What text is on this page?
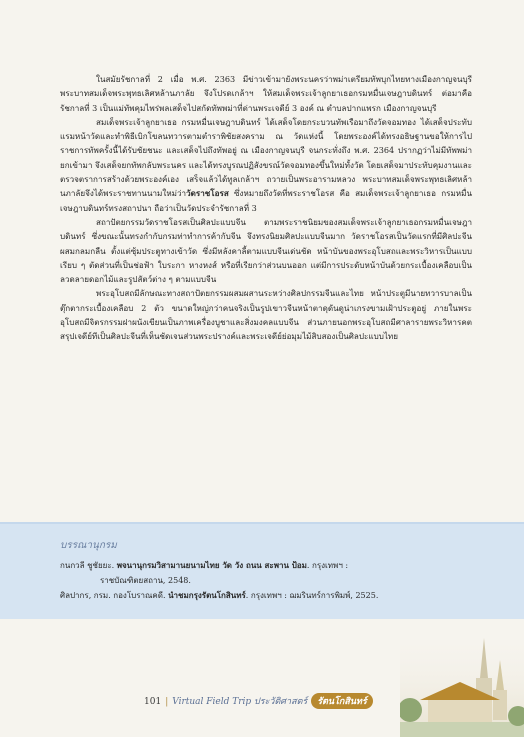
ในสมัยรัชกาลที่ 2 เมื่อ พ.ศ. 2363 มีข่าวเข้ามายังพระนครว่าพม่าเตรียมทัพบุกไทยทางเมืองกาญจนบุรี พระบาทสมเด็จพระพุทธเลิศหล้านภาลัย จึงโปรดเกล้าฯ ให้สมเด็จพระเจ้าลูกยาเธอกรมหมื่นเจษฎาบดินทร์ ต่อมาคือรัชกาลที่ 3 เป็นแม่ทัพคุมไพร่พลเสด็จไปสกัดทัพพม่าที่ด่านพระเจดีย์ 3 องค์ ณ ตำบลปากแพรก เมืองกาญจนบุรี

สมเด็จพระเจ้าลูกยาเธอ กรมหมื่นเจษฎาบดินทร์ ได้เสด็จโดยกระบวนทัพเรือมาถึงวัดจอมทอง ได้เสด็จประทับแรมหน้าวัดและทำพิธีเบิกโขลนทวารตามตำราพิชัยสงคราม ณ วัดแห่งนี้ โดยพระองค์ได้ทรงอธิษฐานขอให้การไปราชการทัพครั้งนี้ได้รับชัยชนะ และเสด็จไปถึงทัพอยู่ ณ เมืองกาญจนบุรี จนกระทั่งถึง พ.ศ. 2364 ปรากฏว่าไม่มีทัพพม่ายกเข้ามา จึงเสด็จยกทัพกลับพระนคร และได้ทรงบูรณปฏิสังขรณ์วัดจอมทองขึ้นใหม่ทั้งวัด โดยเสด็จมาประทับคุมงานและตรวจตราการสร้างด้วยพระองค์เอง เสร็จแล้วได้ทูลเกล้าฯ ถวายเป็นพระอารามหลวง พระบาทสมเด็จพระพุทธเลิศหล้านภาลัยจึงได้พระราชทานนามใหม่ว่าวัดราชโอรส ซึ่งหมายถึงวัดที่พระราชโอรส คือ สมเด็จพระเจ้าลูกยาเธอ กรมหมื่นเจษฎาบดินทร์ทรงสถาปนา ถือว่าเป็นวัดประจำรัชกาลที่ 3

สถาปัตยกรรมวัดราชโอรสเป็นศิลปะแบบจีน ตามพระราชนิยมของสมเด็จพระเจ้าลูกยาเธอกรมหมื่นเจษฎาบดินทร์ ซึ่งขณะนั้นทรงกำกับกรมท่าทำการค้ากับจีน จึงทรงนิยมศิลปะแบบจีนมาก วัดราชโอรสเป็นวัดแรกที่มีศิลปะจีนผสมกลมกลืน ตั้งแต่ซุ้มประตูทางเข้าวัด ซึ่งมีหลังคาลี้ตามแบบจีนเด่นชัด หน้าบันของพระอุโบสถและพระวิหารเป็นแบบเรียบ ๆ ตัดส่วนที่เป็นช่อฟ้า ใบระกา หางหงส์ หรือที่เรียกว่าส่วนบนออก แต่มีการประดับหน้าบันด้วยกระเบื้องเคลือบเป็นลวดลายดอกไม้และรูปสัตว์ต่าง ๆ ตามแบบจีน

พระอุโบสถมีลักษณะทางสถาปัตยกรรมผสมผสานระหว่างศิลปกรรมจีนและไทย หน้าประตูมีนายทวารบาลเป็นตุ๊กตากระเบื้องเคลือบ 2 ตัว ขนาดใหญ่กว่าคนจริงเป็นรูปเขาวจีนหน้าตาดุดันดูน่าเกรงขามเฝ้าประตูอยู่ ภายในพระอุโบสถมีจิตรกรรมฝาผนังเขียนเป็นภาพเครื่องบูชาและสิ่งมงคลแบบจีน ส่วนภายนอกพระอุโบสถมีศาลารายพระวิหารคต สรุปเจดีย์ทีเป็นศิลปะจีนที่เห็นชัดเจนส่วนพระปรางค์และพระเจดีย์ย่อมุมไม้สิบสองเป็นศิลปะแบบไทย

บรรณานุกรม

กนกวลี ชูชัยยะ. พจนานุกรมวิสามานยนามไทย วัด วัง ถนน สะพาน ป้อม. กรุงเทพฯ :

ราชบัณฑิตยสถาน, 2548.

ศิลปากร, กรม. กองโบราณคดี. นำชมกรุงรัตนโกสินทร์. กรุงเทพฯ : ฌมรินทร์การพิมพ์, 2525.

101 | Virtual Field Trip ประวัติศาสตร์ รัตนโกสินทร์
